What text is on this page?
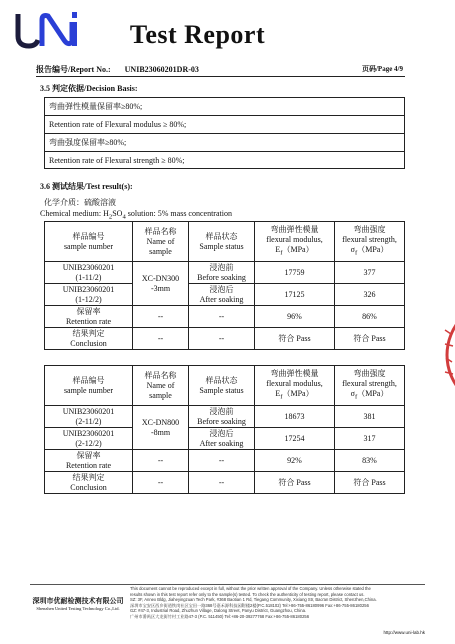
Test Report
报告编号/Report No.: UNIB23060201DR-03	页码/Page 4/9
3.5 判定依据/Decision Basis:
弯曲弹性模量保留率≥80%;
Retention rate of Flexural modulus ≥ 80%;
弯曲强度保留率≥80%;
Retention rate of Flexural strength ≥ 80%;
3.6 测试结果/Test result(s):
化学介质：硫酸溶液
Chemical medium: $H_2SO_4$ solution: 5% mass concentration
样品编号
sample number	样品名称
Name of
sample	样品状态
Sample status	弯曲弹性模量
flexural modulus,
$E_f(MPa)$	弯曲强度
flexural strength,
$\sigma_f(MPa)$
UNIB23060201
(1-11/2)	XC-DN300
-3mm	浸泡前
Before soaking	17759	377
UNIB23060201
(1-12/2)		浸泡后
After soaking	17125	326
保留率
Retention rate	--	--	96%	86%
结果判定
Conclusion	--	--	符合 Pass	符合 Pass
样品编号
sample number	样品名称
Name of
sample	样品状态
Sample status	弯曲弹性模量
flexural modulus,
$E_f(MPa)$	弯曲强度
flexural strength,
$\sigma_f(MPa)$
UNIB23060201
(2-11/2)	XC-DN800
-8mm	浸泡前
Before soaking	18673	381
UNIB23060201
(2-12/2)		浸泡后
After soaking	17254	317
保留率
Retention rate	--	--	92%	83%
结果判定
Conclusion	--	--	符合 Pass	符合 Pass
深圳市优耐检测技术有限公司
Shenzhen United Testing Technology Co.,Ltd.
This document cannot be reproduced except in full, without the prior written approval of the Company. Unless otherwise stated the
results shown in this test report refer only to the sample(s) tested. To check the authenticity of testing report, please contact us.
SZ: 3F, Annex Bldg, Jiaheyingzuan Tech Park, #368 Baotian 1 Rd, Tiegang Community, Xixiang Str, Bao'an District, Shenzhen,China.
深圳市宝安区西乡街道铁岗社区宝田一路368号嘉禾源科技园附楼2楼(P.C.518102) Tel:+86-755-86180996 Fax:+86-755-86180256
GZ: #47-3, Industrial Road, Zhuzhun Village, Dalong Street, Panyu District, Guangzhou, China.
广州市番禺区大龙街竹村工业路47-3 (P.C. 511450) Tel:+86-20-39277768 Fax:+86-755-86180256
http://www.uni-lab.hk
